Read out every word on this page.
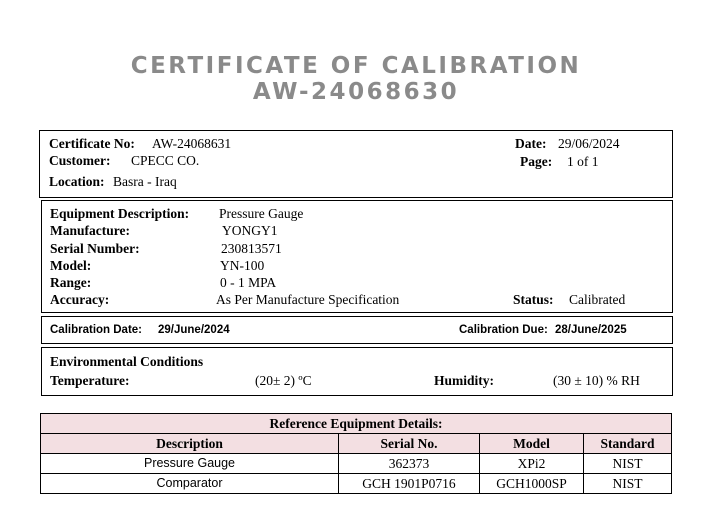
CERTIFICATE OF CALIBRATION
AW-24068630
Certificate No: AW-24068631
Customer: CPECC CO.
Location: Basra - Iraq
Date: 29/06/2024
Page: 1 of 1
Equipment Description: Pressure Gauge
Manufacture:	YONGY1
Serial Number:	230813571
Model:	YN-100
Range:	0 - 1 MPA
Accuracy:	As Per Manufacture Specification	Status: Calibrated
Calibration Date: 29/June/2024	Calibration Due: 28/June/2025
Environmental Conditions
Temperature:	(20± 2) ºC	Humidity:	(30 ± 10) % RH
Reference Equipment Details:			
Description	Serial No.	Model	Standard
Pressure Gauge	362373	XPi2	NIST
Comparator	GCH 1901P0716	GCH1000SP	NIST
